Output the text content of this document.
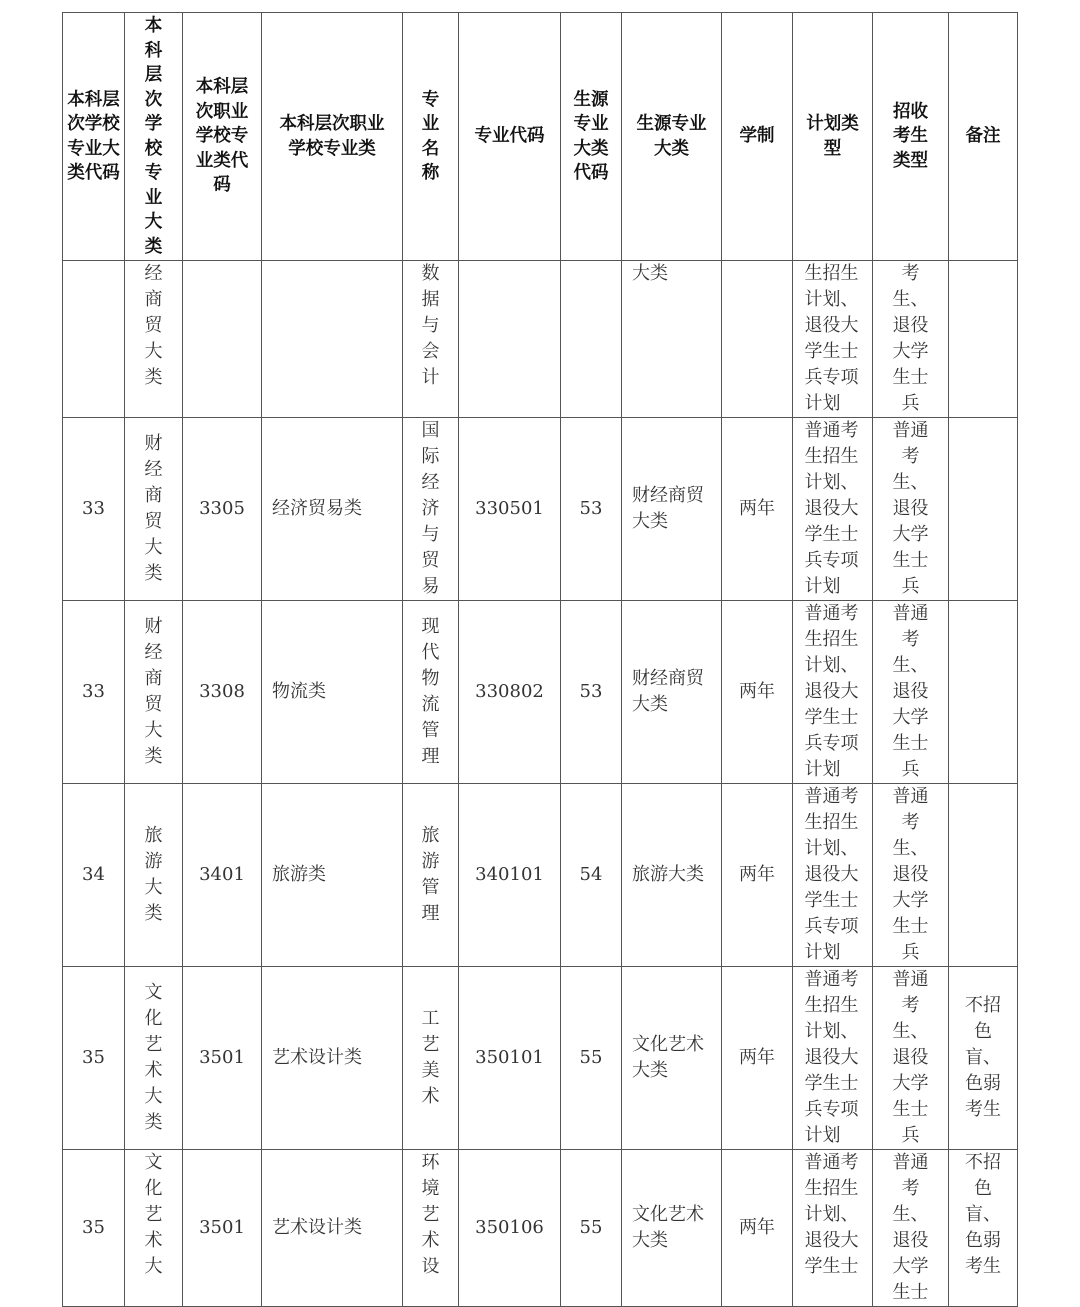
本科层次学校专业大类代码	本科层次学校专业大类	本科层次职业学校专业类代码	本科层次职业学校专业类	专业名称	专业代码	生源专业大类代码	生源专业大类	学制	计划类型	招收考生类型	备注

	经商贸大类			数据与会计			大类		生招生计划、退役大学生士兵专项计划	考生、退役大学生士兵	

33	财经商贸大类	3305	经济贸易类	国际经济与贸易	330501	53	财经商贸大类	两年	普通考生招生计划、退役大学生士兵专项计划	普通考生、退役大学生士兵	

33	财经商贸大类	3308	物流类	现代物流管理	330802	53	财经商贸大类	两年	普通考生招生计划、退役大学生士兵专项计划	普通考生、退役大学生士兵	

34	旅游大类	3401	旅游类	旅游管理	340101	54	旅游大类	两年	普通考生招生计划、退役大学生士兵专项计划	普通考生、退役大学生士兵	

35	文化艺术大类	3501	艺术设计类	工艺美术	350101	55	文化艺术大类	两年	普通考生招生计划、退役大学生士兵专项计划	普通考生、退役大学生士兵	不招色盲、色弱考生

35	文化艺术大	3501	艺术设计类	环境艺术设	350106	55	文化艺术大类	两年	普通考生招生计划、退役大学生士	普通考生、退役大学生士	不招色盲、色弱考生
